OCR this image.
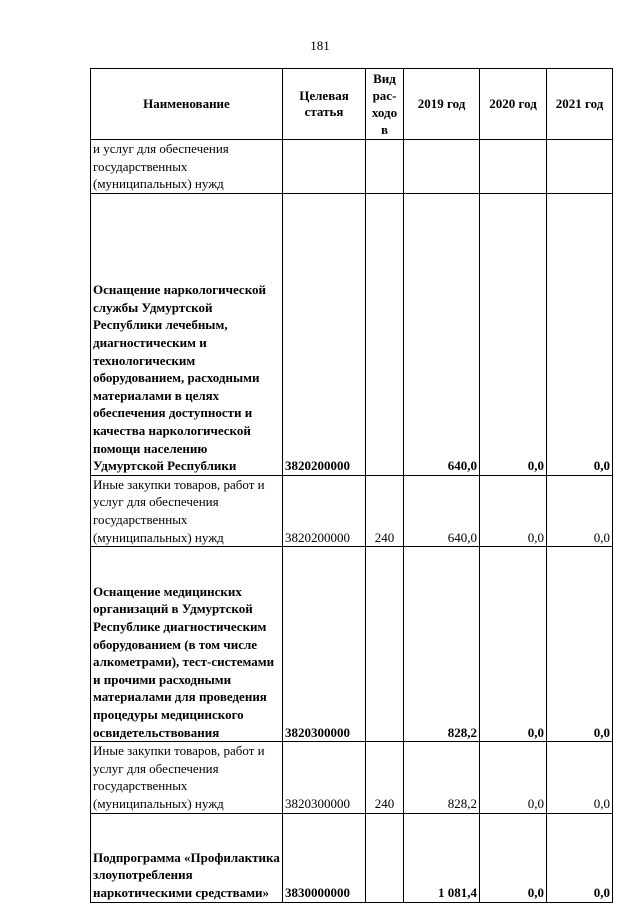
181
Наименование	Целевая статья	Вид рас-ходов	2019 год	2020 год	2021 год
и услуг для обеспечения государственных (муниципальных) нужд					
Оснащение наркологической службы Удмуртской Республики лечебным, диагностическим и технологическим оборудованием, расходными материалами в целях обеспечения доступности и качества наркологической помощи населению Удмуртской Республики	3820200000		640,0	0,0	0,0
Иные закупки товаров, работ и услуг для обеспечения государственных (муниципальных) нужд	3820200000	240	640,0	0,0	0,0
Оснащение медицинских организаций в Удмуртской Республике диагностическим оборудованием (в том числе алкометрами), тест-системами и прочими расходными материалами для проведения процедуры медицинского освидетельствования	3820300000		828,2	0,0	0,0
Иные закупки товаров, работ и услуг для обеспечения государственных (муниципальных) нужд	3820300000	240	828,2	0,0	0,0
Подпрограмма «Профилактика злоупотребления наркотическими средствами»	3830000000		1 081,4	0,0	0,0
